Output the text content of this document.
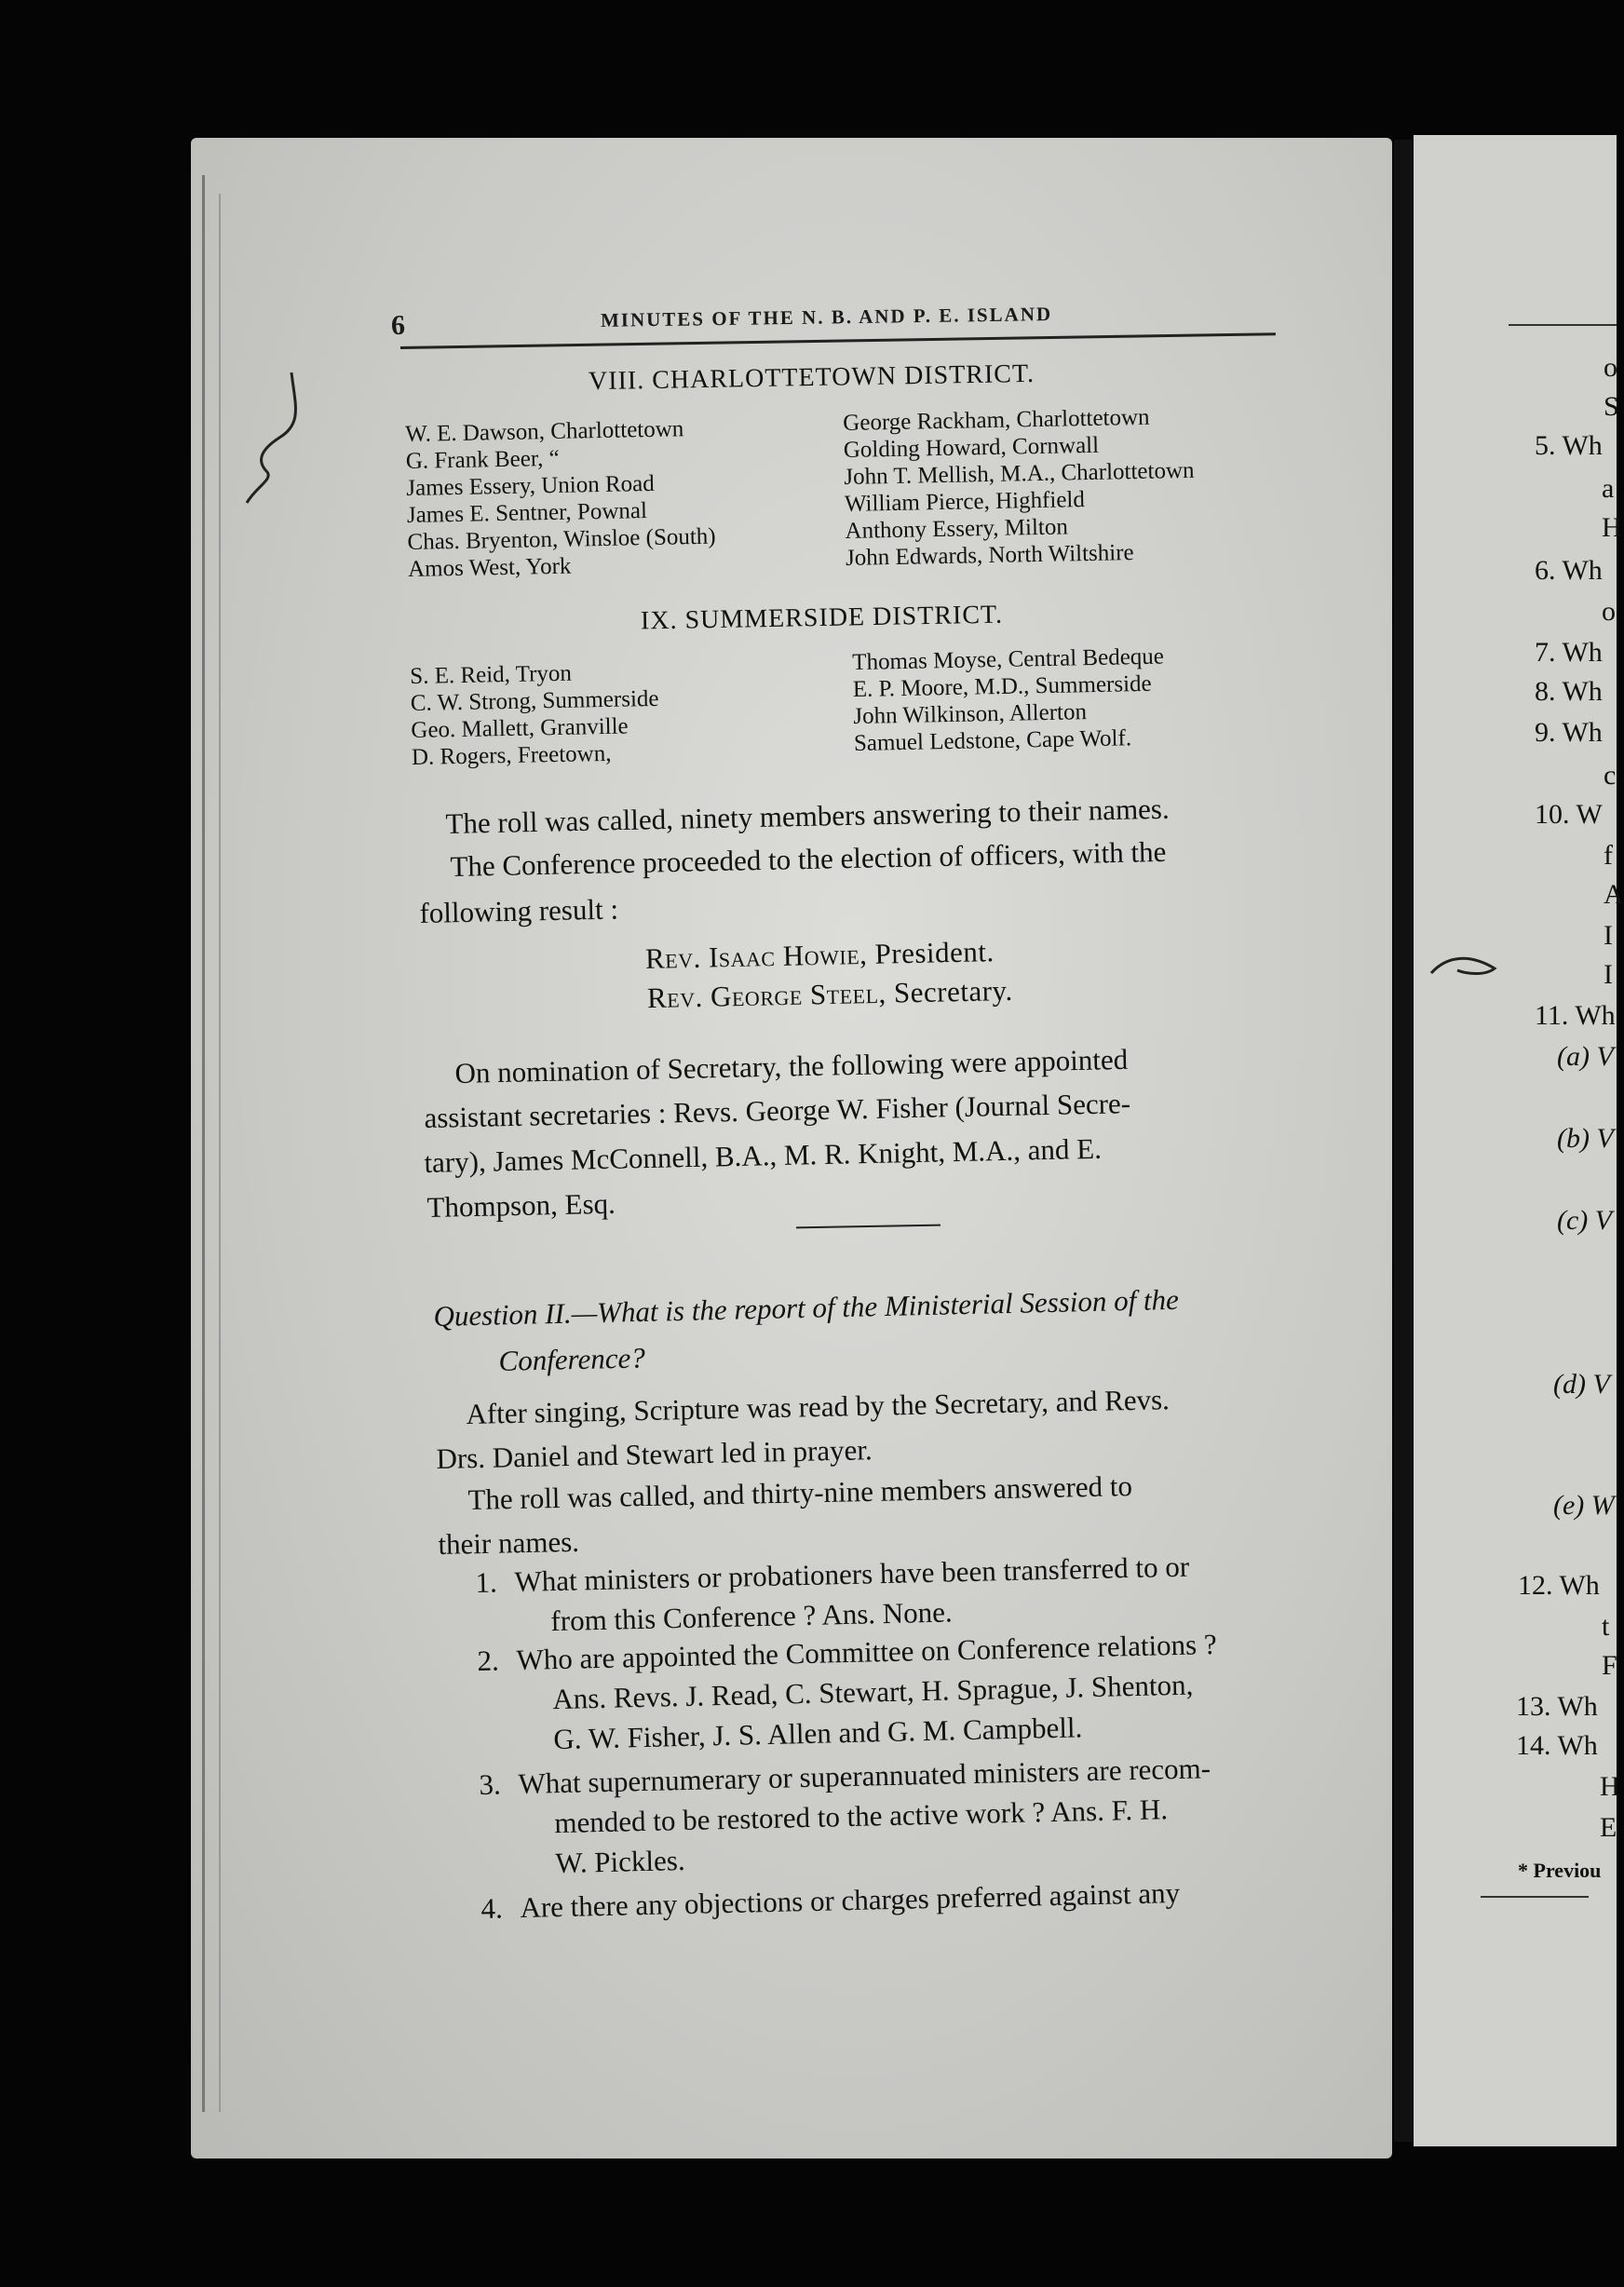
6	MINUTES OF THE N. B. AND P. E. ISLAND
VIII. CHARLOTTETOWN DISTRICT.
W. E. Dawson, Charlottetown
G. Frank Beer, “
James Essery, Union Road
James E. Sentner, Pownal
Chas. Bryenton, Winsloe (South)
Amos West, York
George Rackham, Charlottetown
Golding Howard, Cornwall
John T. Mellish, M.A., Charlottetown
William Pierce, Highfield
Anthony Essery, Milton
John Edwards, North Wiltshire
IX. SUMMERSIDE DISTRICT.
S. E. Reid, Tryon
C. W. Strong, Summerside
Geo. Mallett, Granville
D. Rogers, Freetown,
Thomas Moyse, Central Bedeque
E. P. Moore, M.D., Summerside
John Wilkinson, Allerton
Samuel Ledstone, Cape Wolf.
The roll was called, ninety members answering to their names.
The Conference proceeded to the election of officers, with the
following result :
Rev. Isaac Howie, President.
Rev. George Steel, Secretary.
On nomination of Secretary, the following were appointed
assistant secretaries : Revs. George W. Fisher (Journal Secre-
tary), James McConnell, B.A., M. R. Knight, M.A., and E.
Thompson, Esq.
Question II.—What is the report of the Ministerial Session of the
Conference?
After singing, Scripture was read by the Secretary, and Revs.
Drs. Daniel and Stewart led in prayer.
The roll was called, and thirty-nine members answered to
their names.
1. What ministers or probationers have been transferred to or
from this Conference ? Ans. None.
2. Who are appointed the Committee on Conference relations ?
Ans. Revs. J. Read, C. Stewart, H. Sprague, J. Shenton,
G. W. Fisher, J. S. Allen and G. M. Campbell.
3. What supernumerary or superannuated ministers are recom-
mended to be restored to the active work ? Ans. F. H.
W. Pickles.
4. Are there any objections or charges preferred against any
o
S
5. Wh
a
H
6. Wh
o
7. Wh
8. Wh
9. Wh
c
10. W
f
A
I
I
11. Wh
(a) V
(b) V
(c) V
(d) V
(e) W
12. Wh
t
F
13. Wh
14. Wh
H
E
* Previou
